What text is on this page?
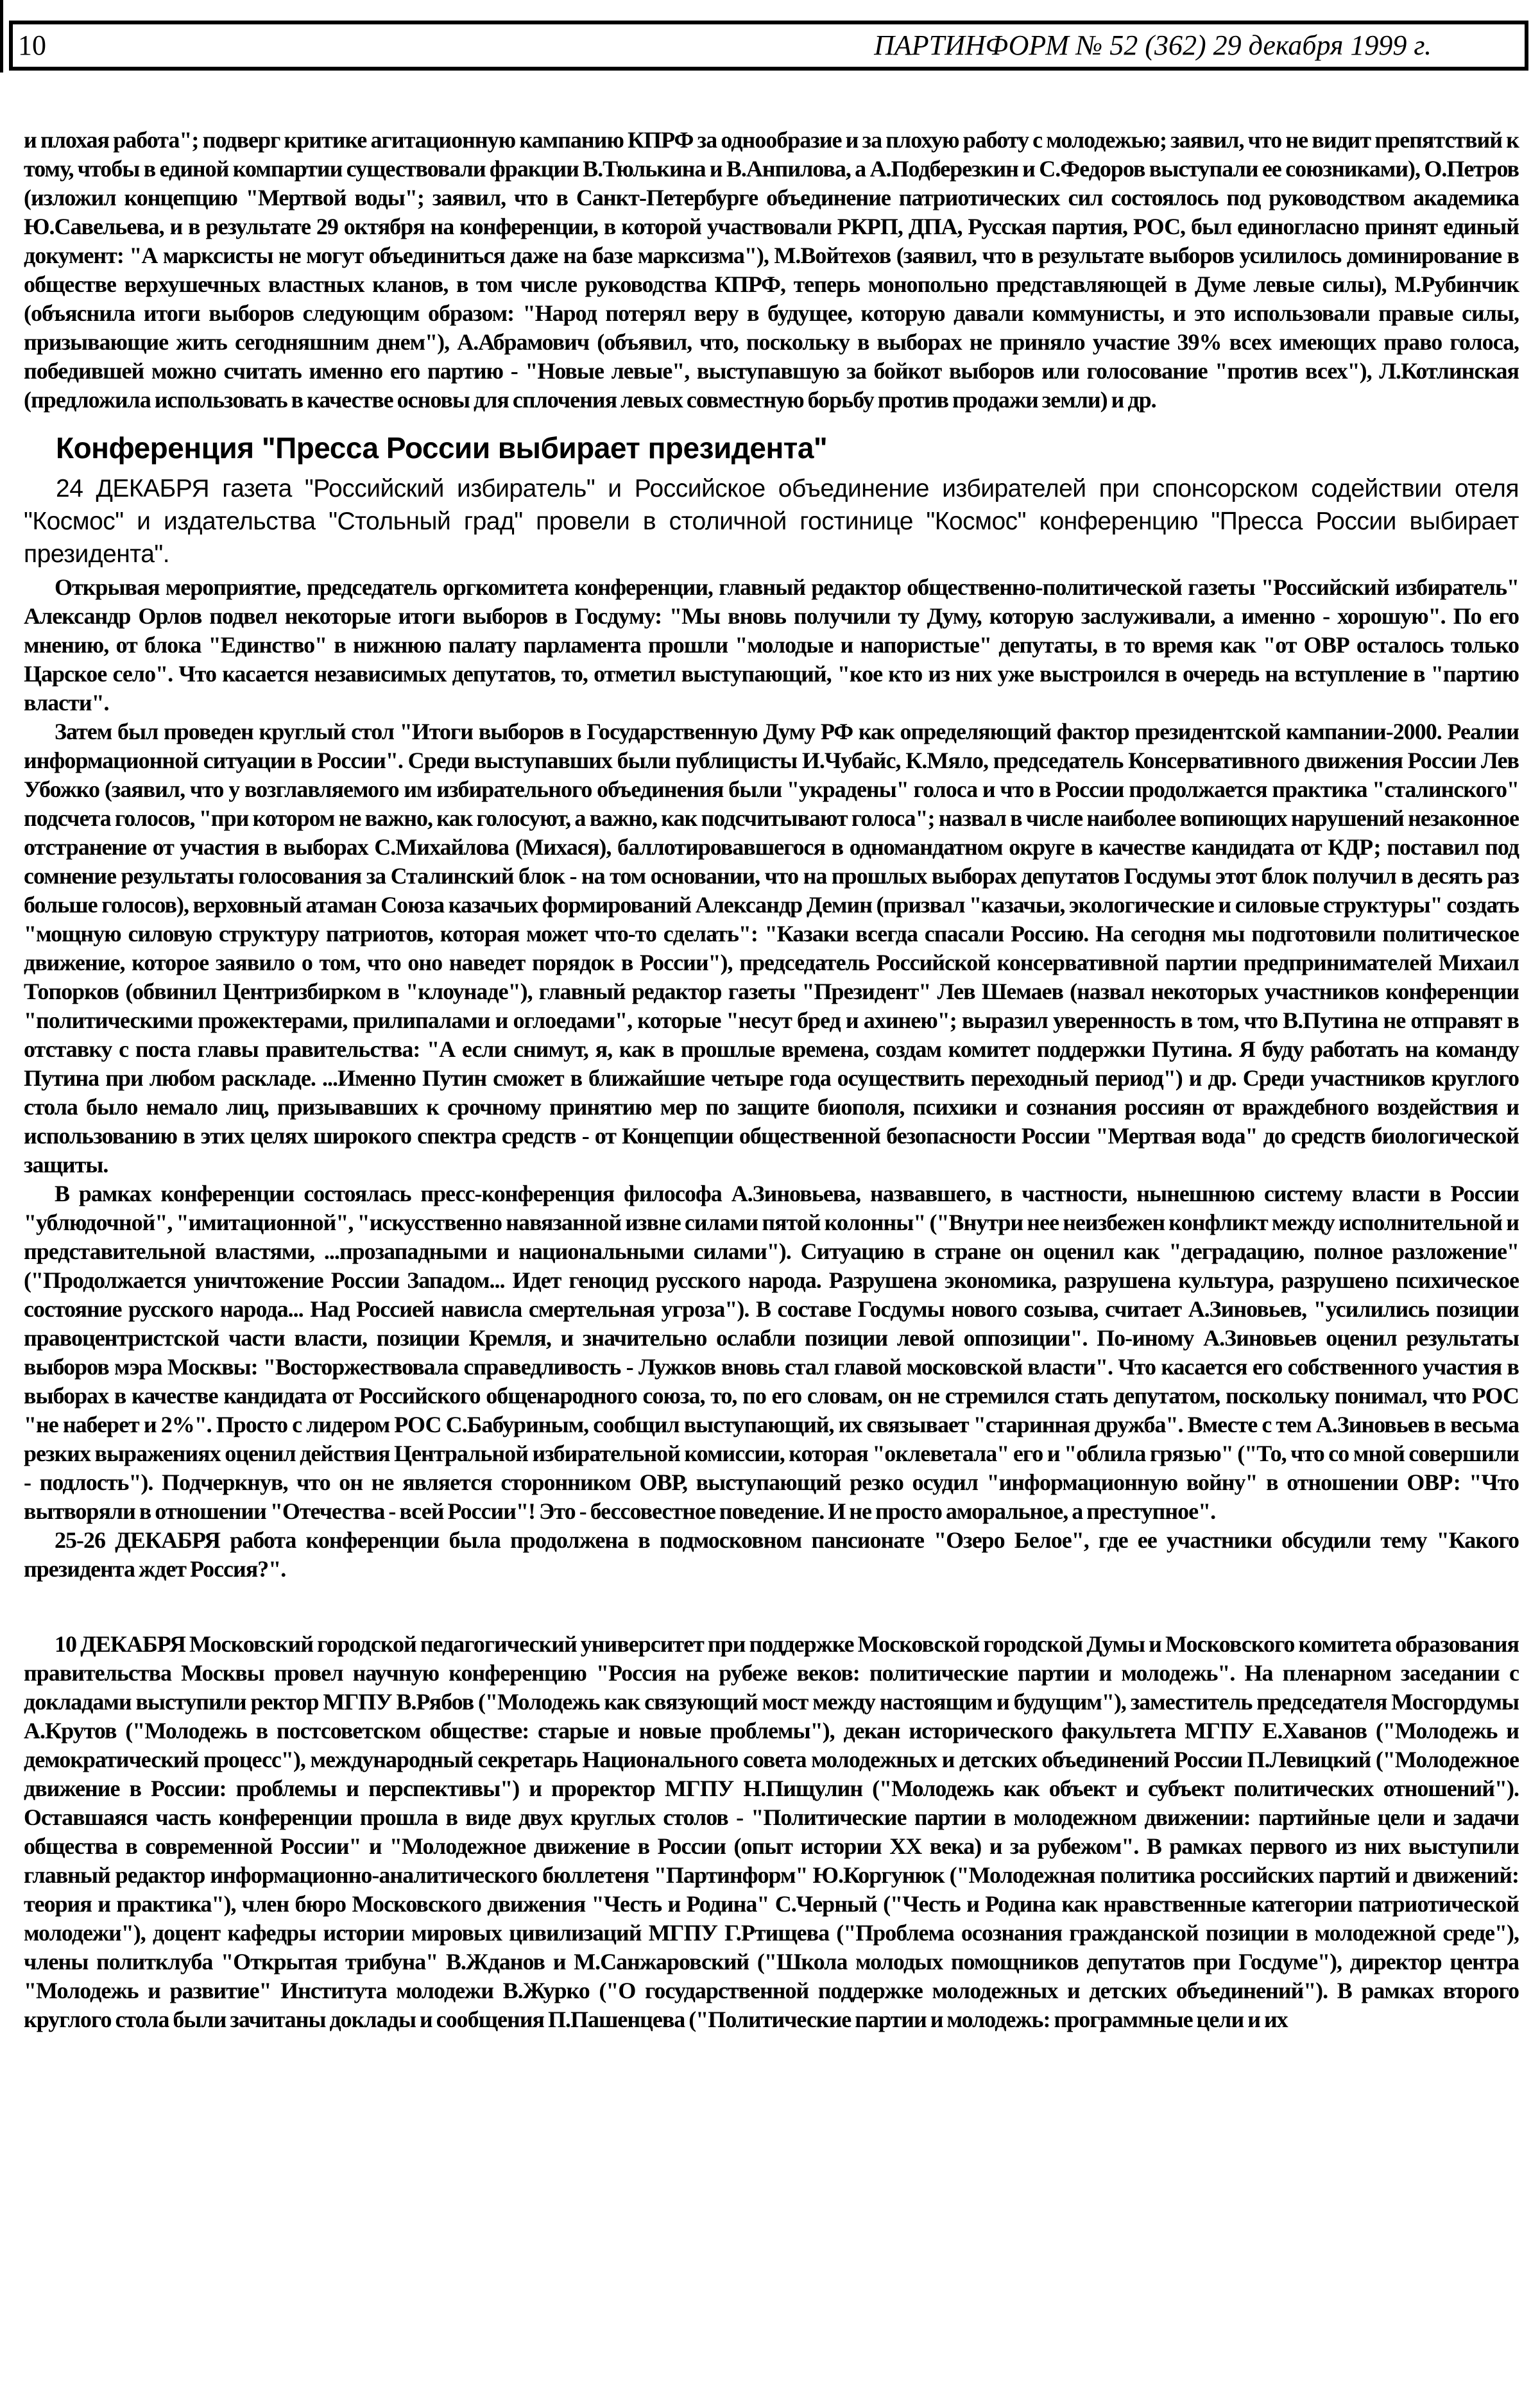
10	ПАРТИНФОРМ № 52 (362) 29 декабря 1999 г.

и плохая работа"; подверг критике агитационную кампанию КПРФ за однообразие и за плохую работу с молодежью; заявил, что не видит препятствий к тому, чтобы в единой компартии существовали фракции В.Тюлькина и В.Анпилова, а А.Подберезкин и С.Федоров выступали ее союзниками), О.Петров (изложил концепцию "Мертвой воды"; заявил, что в Санкт-Петербурге объединение патриотических сил состоялось под руководством академика Ю.Савельева, и в результате 29 октября на конференции, в которой участвовали РКРП, ДПА, Русская партия, РОС, был единогласно принят единый документ: "А марксисты не могут объединиться даже на базе марксизма"), М.Войтехов (заявил, что в результате выборов усилилось доминирование в обществе верхушечных властных кланов, в том числе руководства КПРФ, теперь монопольно представляющей в Думе левые силы), М.Рубинчик (объяснила итоги выборов следующим образом: "Народ потерял веру в будущее, которую давали коммунисты, и это использовали правые силы, призывающие жить сегодняшним днем"), А.Абрамович (объявил, что, поскольку в выборах не приняло участие 39% всех имеющих право голоса, победившей можно считать именно его партию - "Новые левые", выступавшую за бойкот выборов или голосование "против всех"), Л.Котлинская (предложила использовать в качестве основы для сплочения левых совместную борьбу против продажи земли) и др.

Конференция "Пресса России выбирает президента"

24 ДЕКАБРЯ газета "Российский избиратель" и Российское объединение избирателей при спонсорском содействии отеля "Космос" и издательства "Стольный град" провели в столичной гостинице "Космос" конференцию "Пресса России выбирает президента".

Открывая мероприятие, председатель оргкомитета конференции, главный редактор общественно-политической газеты "Российский избиратель" Александр Орлов подвел некоторые итоги выборов в Госдуму: "Мы вновь получили ту Думу, которую заслуживали, а именно - хорошую". По его мнению, от блока "Единство" в нижнюю палату парламента прошли "молодые и напористые" депутаты, в то время как "от ОВР осталось только Царское село". Что касается независимых депутатов, то, отметил выступающий, "кое кто из них уже выстроился в очередь на вступление в "партию власти".

Затем был проведен круглый стол "Итоги выборов в Государственную Думу РФ как определяющий фактор президентской кампании-2000. Реалии информационной ситуации в России". Среди выступавших были публицисты И.Чубайс, К.Мяло, председатель Консервативного движения России Лев Убожко (заявил, что у возглавляемого им избирательного объединения были "украдены" голоса и что в России продолжается практика "сталинского" подсчета голосов, "при котором не важно, как голосуют, а важно, как подсчитывают голоса"; назвал в числе наиболее вопиющих нарушений незаконное отстранение от участия в выборах С.Михайлова (Михася), баллотировавшегося в одномандатном округе в качестве кандидата от КДР; поставил под сомнение результаты голосования за Сталинский блок - на том основании, что на прошлых выборах депутатов Госдумы этот блок получил в десять раз больше голосов), верховный атаман Союза казачьих формирований Александр Демин (призвал "казачьи, экологические и силовые структуры" создать "мощную силовую структуру патриотов, которая может что-то сделать": "Казаки всегда спасали Россию. На сегодня мы подготовили политическое движение, которое заявило о том, что оно наведет порядок в России"), председатель Российской консервативной партии предпринимателей Михаил Топорков (обвинил Центризбирком в "клоунаде"), главный редактор газеты "Президент" Лев Шемаев (назвал некоторых участников конференции "политическими прожектерами, прилипалами и оглоедами", которые "несут бред и ахинею"; выразил уверенность в том, что В.Путина не отправят в отставку с поста главы правительства: "А если снимут, я, как в прошлые времена, создам комитет поддержки Путина. Я буду работать на команду Путина при любом раскладе. ...Именно Путин сможет в ближайшие четыре года осуществить переходный период") и др. Среди участников круглого стола было немало лиц, призывавших к срочному принятию мер по защите биополя, психики и сознания россиян от враждебного воздействия и использованию в этих целях широкого спектра средств - от Концепции общественной безопасности России "Мертвая вода" до средств биологической защиты.

В рамках конференции состоялась пресс-конференция философа А.Зиновьева, назвавшего, в частности, нынешнюю систему власти в России "ублюдочной", "имитационной", "искусственно навязанной извне силами пятой колонны" ("Внутри нее неизбежен конфликт между исполнительной и представительной властями, ...прозападными и национальными силами"). Ситуацию в стране он оценил как "деградацию, полное разложение" ("Продолжается уничтожение России Западом... Идет геноцид русского народа. Разрушена экономика, разрушена культура, разрушено психическое состояние русского народа... Над Россией нависла смертельная угроза"). В составе Госдумы нового созыва, считает А.Зиновьев, "усилились позиции правоцентристской части власти, позиции Кремля, и значительно ослабли позиции левой оппозиции". По-иному А.Зиновьев оценил результаты выборов мэра Москвы: "Восторжествовала справедливость - Лужков вновь стал главой московской власти". Что касается его собственного участия в выборах в качестве кандидата от Российского общенародного союза, то, по его словам, он не стремился стать депутатом, поскольку понимал, что РОС "не наберет и 2%". Просто с лидером РОС С.Бабуриным, сообщил выступающий, их связывает "старинная дружба". Вместе с тем А.Зиновьев в весьма резких выражениях оценил действия Центральной избирательной комиссии, которая "оклеветала" его и "облила грязью" ("То, что со мной совершили - подлость"). Подчеркнув, что он не является сторонником ОВР, выступающий резко осудил "информационную войну" в отношении ОВР: "Что вытворяли в отношении "Отечества - всей России"! Это - бессовестное поведение. И не просто аморальное, а преступное".

25-26 ДЕКАБРЯ работа конференции была продолжена в подмосковном пансионате "Озеро Белое", где ее участники обсудили тему "Какого президента ждет Россия?".

10 ДЕКАБРЯ Московский городской педагогический университет при поддержке Московской городской Думы и Московского комитета образования правительства Москвы провел научную конференцию "Россия на рубеже веков: политические партии и молодежь". На пленарном заседании с докладами выступили ректор МГПУ В.Рябов ("Молодежь как связующий мост между настоящим и будущим"), заместитель председателя Мосгордумы А.Крутов ("Молодежь в постсоветском обществе: старые и новые проблемы"), декан исторического факультета МГПУ Е.Хаванов ("Молодежь и демократический процесс"), международный секретарь Национального совета молодежных и детских объединений России П.Левицкий ("Молодежное движение в России: проблемы и перспективы") и проректор МГПУ Н.Пищулин ("Молодежь как объект и субъект политических отношений"). Оставшаяся часть конференции прошла в виде двух круглых столов - "Политические партии в молодежном движении: партийные цели и задачи общества в современной России" и "Молодежное движение в России (опыт истории XX века) и за рубежом". В рамках первого из них выступили главный редактор информационно-аналитического бюллетеня "Партинформ" Ю.Коргунюк ("Молодежная политика российских партий и движений: теория и практика"), член бюро Московского движения "Честь и Родина" С.Черный ("Честь и Родина как нравственные категории патриотической молодежи"), доцент кафедры истории мировых цивилизаций МГПУ Г.Ртищева ("Проблема осознания гражданской позиции в молодежной среде"), члены политклуба "Открытая трибуна" В.Жданов и М.Санжаровский ("Школа молодых помощников депутатов при Госдуме"), директор центра "Молодежь и развитие" Института молодежи В.Журко ("О государственной поддержке молодежных и детских объединений"). В рамках второго круглого стола были зачитаны доклады и сообщения П.Пашенцева ("Политические партии и молодежь: программные цели и их
